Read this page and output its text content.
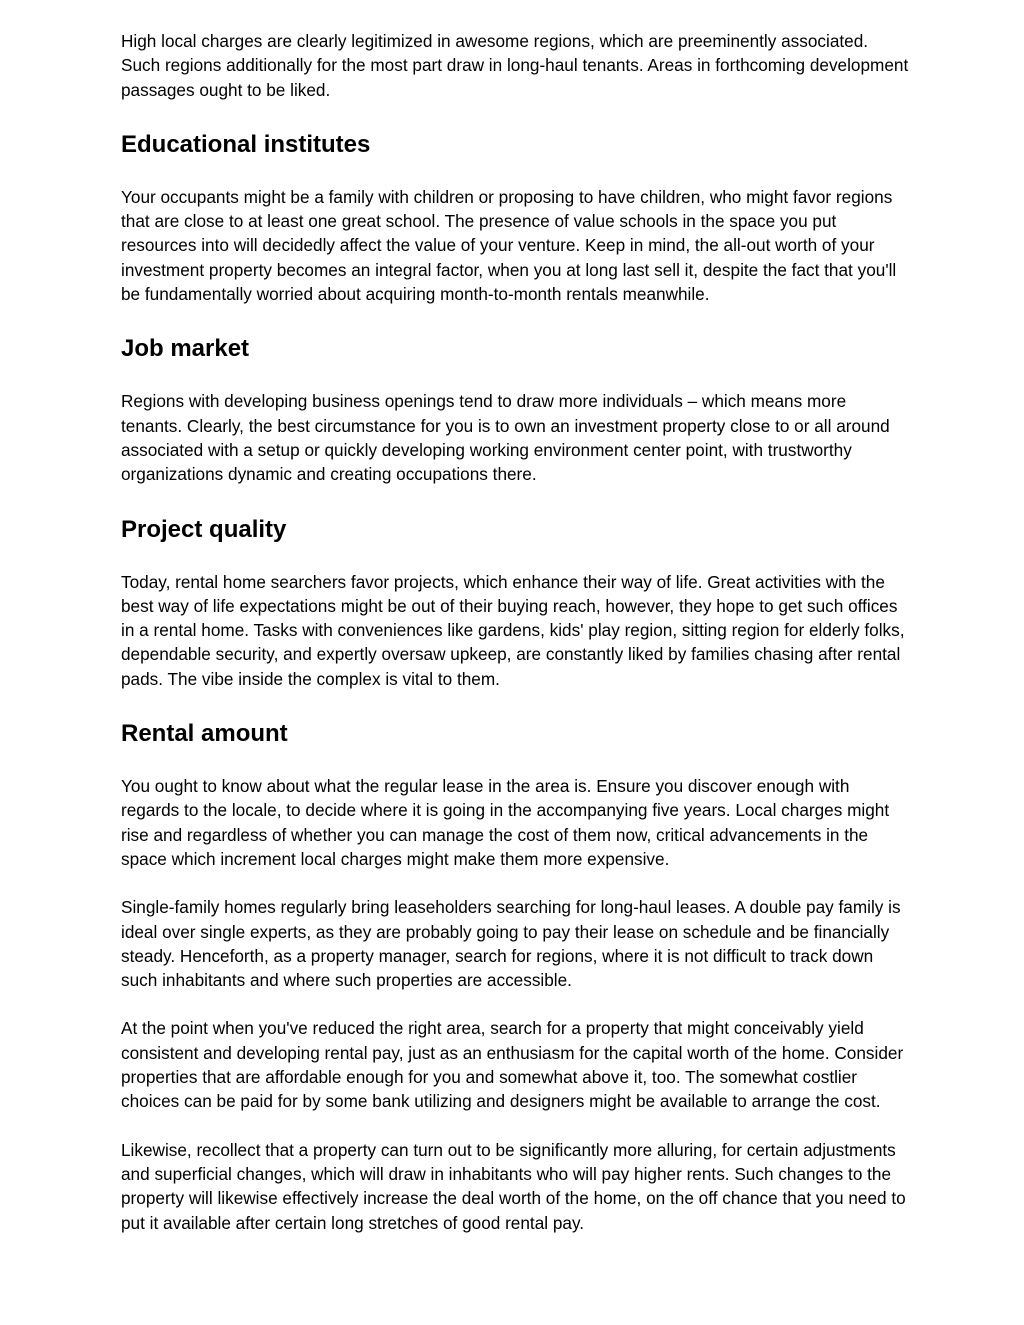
High local charges are clearly legitimized in awesome regions, which are preeminently associated. Such regions additionally for the most part draw in long-haul tenants. Areas in forthcoming development passages ought to be liked.

Educational institutes

Your occupants might be a family with children or proposing to have children, who might favor regions that are close to at least one great school. The presence of value schools in the space you put resources into will decidedly affect the value of your venture. Keep in mind, the all-out worth of your investment property becomes an integral factor, when you at long last sell it, despite the fact that you'll be fundamentally worried about acquiring month-to-month rentals meanwhile.

Job market

Regions with developing business openings tend to draw more individuals – which means more tenants. Clearly, the best circumstance for you is to own an investment property close to or all around associated with a setup or quickly developing working environment center point, with trustworthy organizations dynamic and creating occupations there.

Project quality

Today, rental home searchers favor projects, which enhance their way of life. Great activities with the best way of life expectations might be out of their buying reach, however, they hope to get such offices in a rental home. Tasks with conveniences like gardens, kids' play region, sitting region for elderly folks, dependable security, and expertly oversaw upkeep, are constantly liked by families chasing after rental pads. The vibe inside the complex is vital to them.

Rental amount

You ought to know about what the regular lease in the area is. Ensure you discover enough with regards to the locale, to decide where it is going in the accompanying five years. Local charges might rise and regardless of whether you can manage the cost of them now, critical advancements in the space which increment local charges might make them more expensive.

Single-family homes regularly bring leaseholders searching for long-haul leases. A double pay family is ideal over single experts, as they are probably going to pay their lease on schedule and be financially steady. Henceforth, as a property manager, search for regions, where it is not difficult to track down such inhabitants and where such properties are accessible.

At the point when you've reduced the right area, search for a property that might conceivably yield consistent and developing rental pay, just as an enthusiasm for the capital worth of the home. Consider properties that are affordable enough for you and somewhat above it, too. The somewhat costlier choices can be paid for by some bank utilizing and designers might be available to arrange the cost.

Likewise, recollect that a property can turn out to be significantly more alluring, for certain adjustments and superficial changes, which will draw in inhabitants who will pay higher rents. Such changes to the property will likewise effectively increase the deal worth of the home, on the off chance that you need to put it available after certain long stretches of good rental pay.
